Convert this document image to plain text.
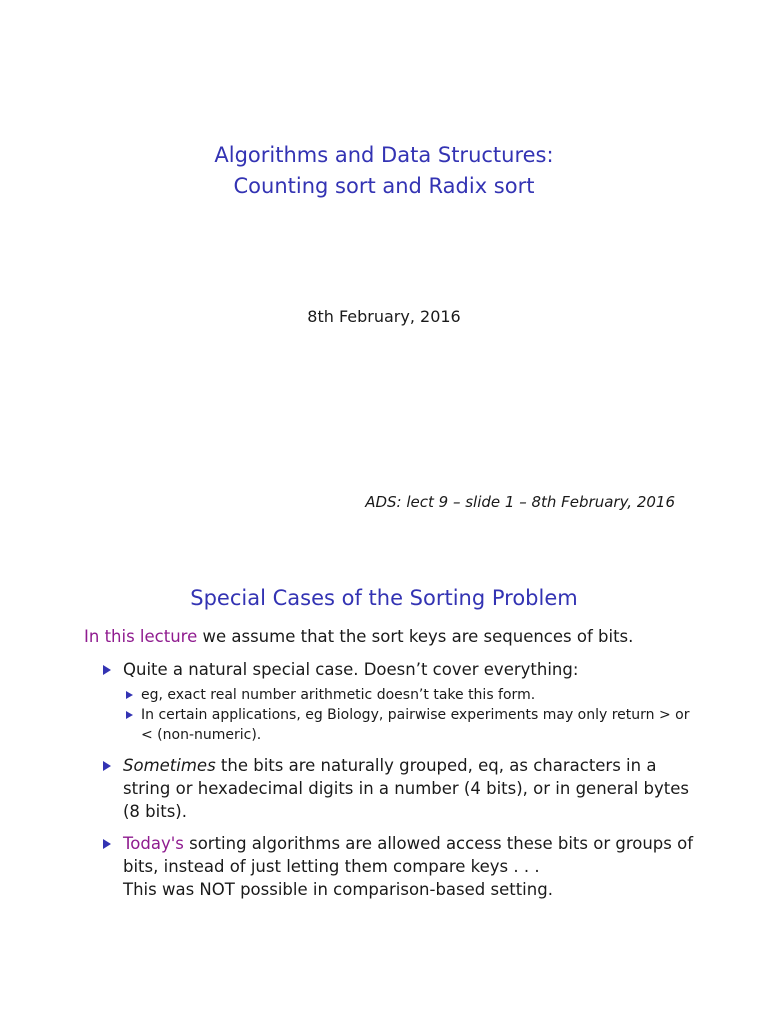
Algorithms and Data Structures:
Counting sort and Radix sort
8th February, 2016
ADS: lect 9 – slide 1 – 8th February, 2016
Special Cases of the Sorting Problem
In this lecture we assume that the sort keys are sequences of bits.
Quite a natural special case. Doesn’t cover everything:
eg, exact real number arithmetic doesn’t take this form.
In certain applications, eg Biology, pairwise experiments may only return > or < (non-numeric).
Sometimes the bits are naturally grouped, eq, as characters in a string or hexadecimal digits in a number (4 bits), or in general bytes (8 bits).
Today's sorting algorithms are allowed access these bits or groups of bits, instead of just letting them compare keys . . .
This was NOT possible in comparison-based setting.
